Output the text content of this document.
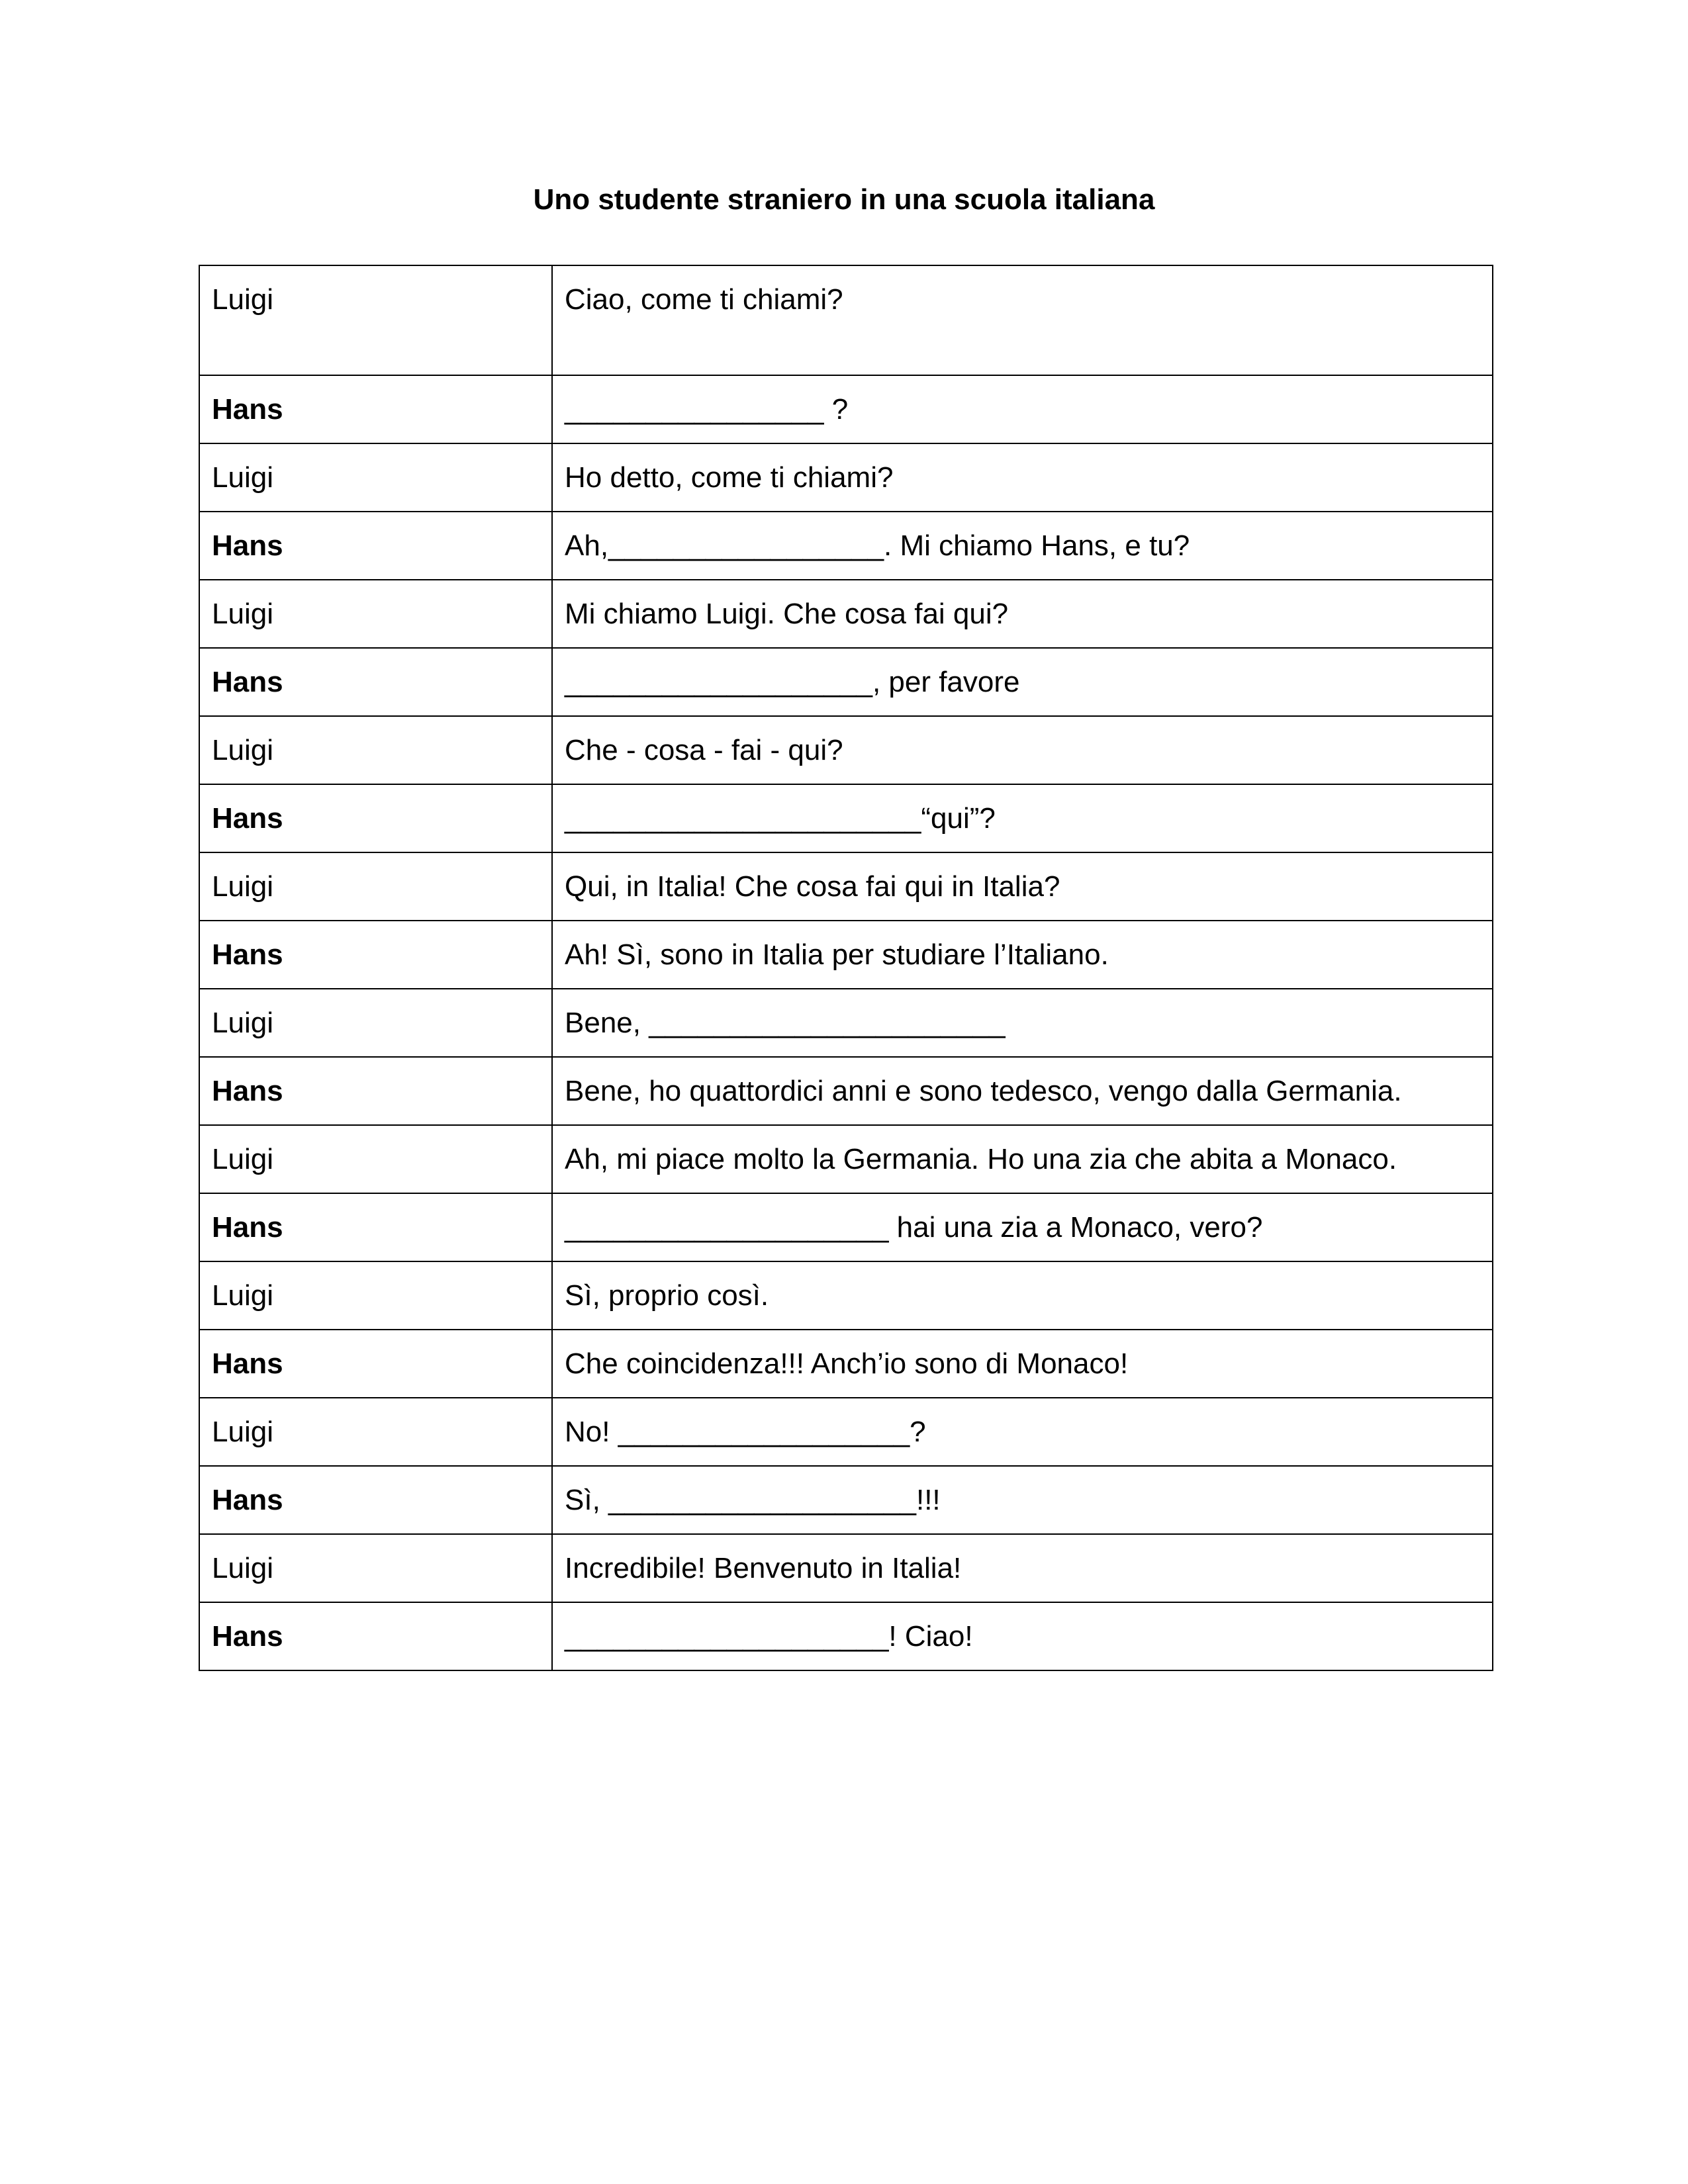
Uno studente straniero in una scuola italiana
Luigi	Ciao, come ti chiami?
Hans	________________ ?
Luigi	Ho detto, come ti chiami?
Hans	Ah,_________________. Mi chiamo Hans, e tu?
Luigi	Mi chiamo Luigi. Che cosa fai qui?
Hans	___________________, per favore
Luigi	Che - cosa - fai - qui?
Hans	______________________“qui”?
Luigi	Qui, in Italia! Che cosa fai qui in Italia?
Hans	Ah! Sì, sono in Italia per studiare l’Italiano.
Luigi	Bene, ______________________
Hans	Bene, ho quattordici anni e sono tedesco, vengo dalla Germania.
Luigi	Ah, mi piace molto la Germania. Ho una zia che abita a Monaco.
Hans	____________________ hai una zia a Monaco, vero?
Luigi	Sì, proprio così.
Hans	Che coincidenza!!! Anch’io sono di Monaco!
Luigi	No! __________________?
Hans	Sì, ___________________!!!
Luigi	Incredibile! Benvenuto in Italia!
Hans	____________________! Ciao!
